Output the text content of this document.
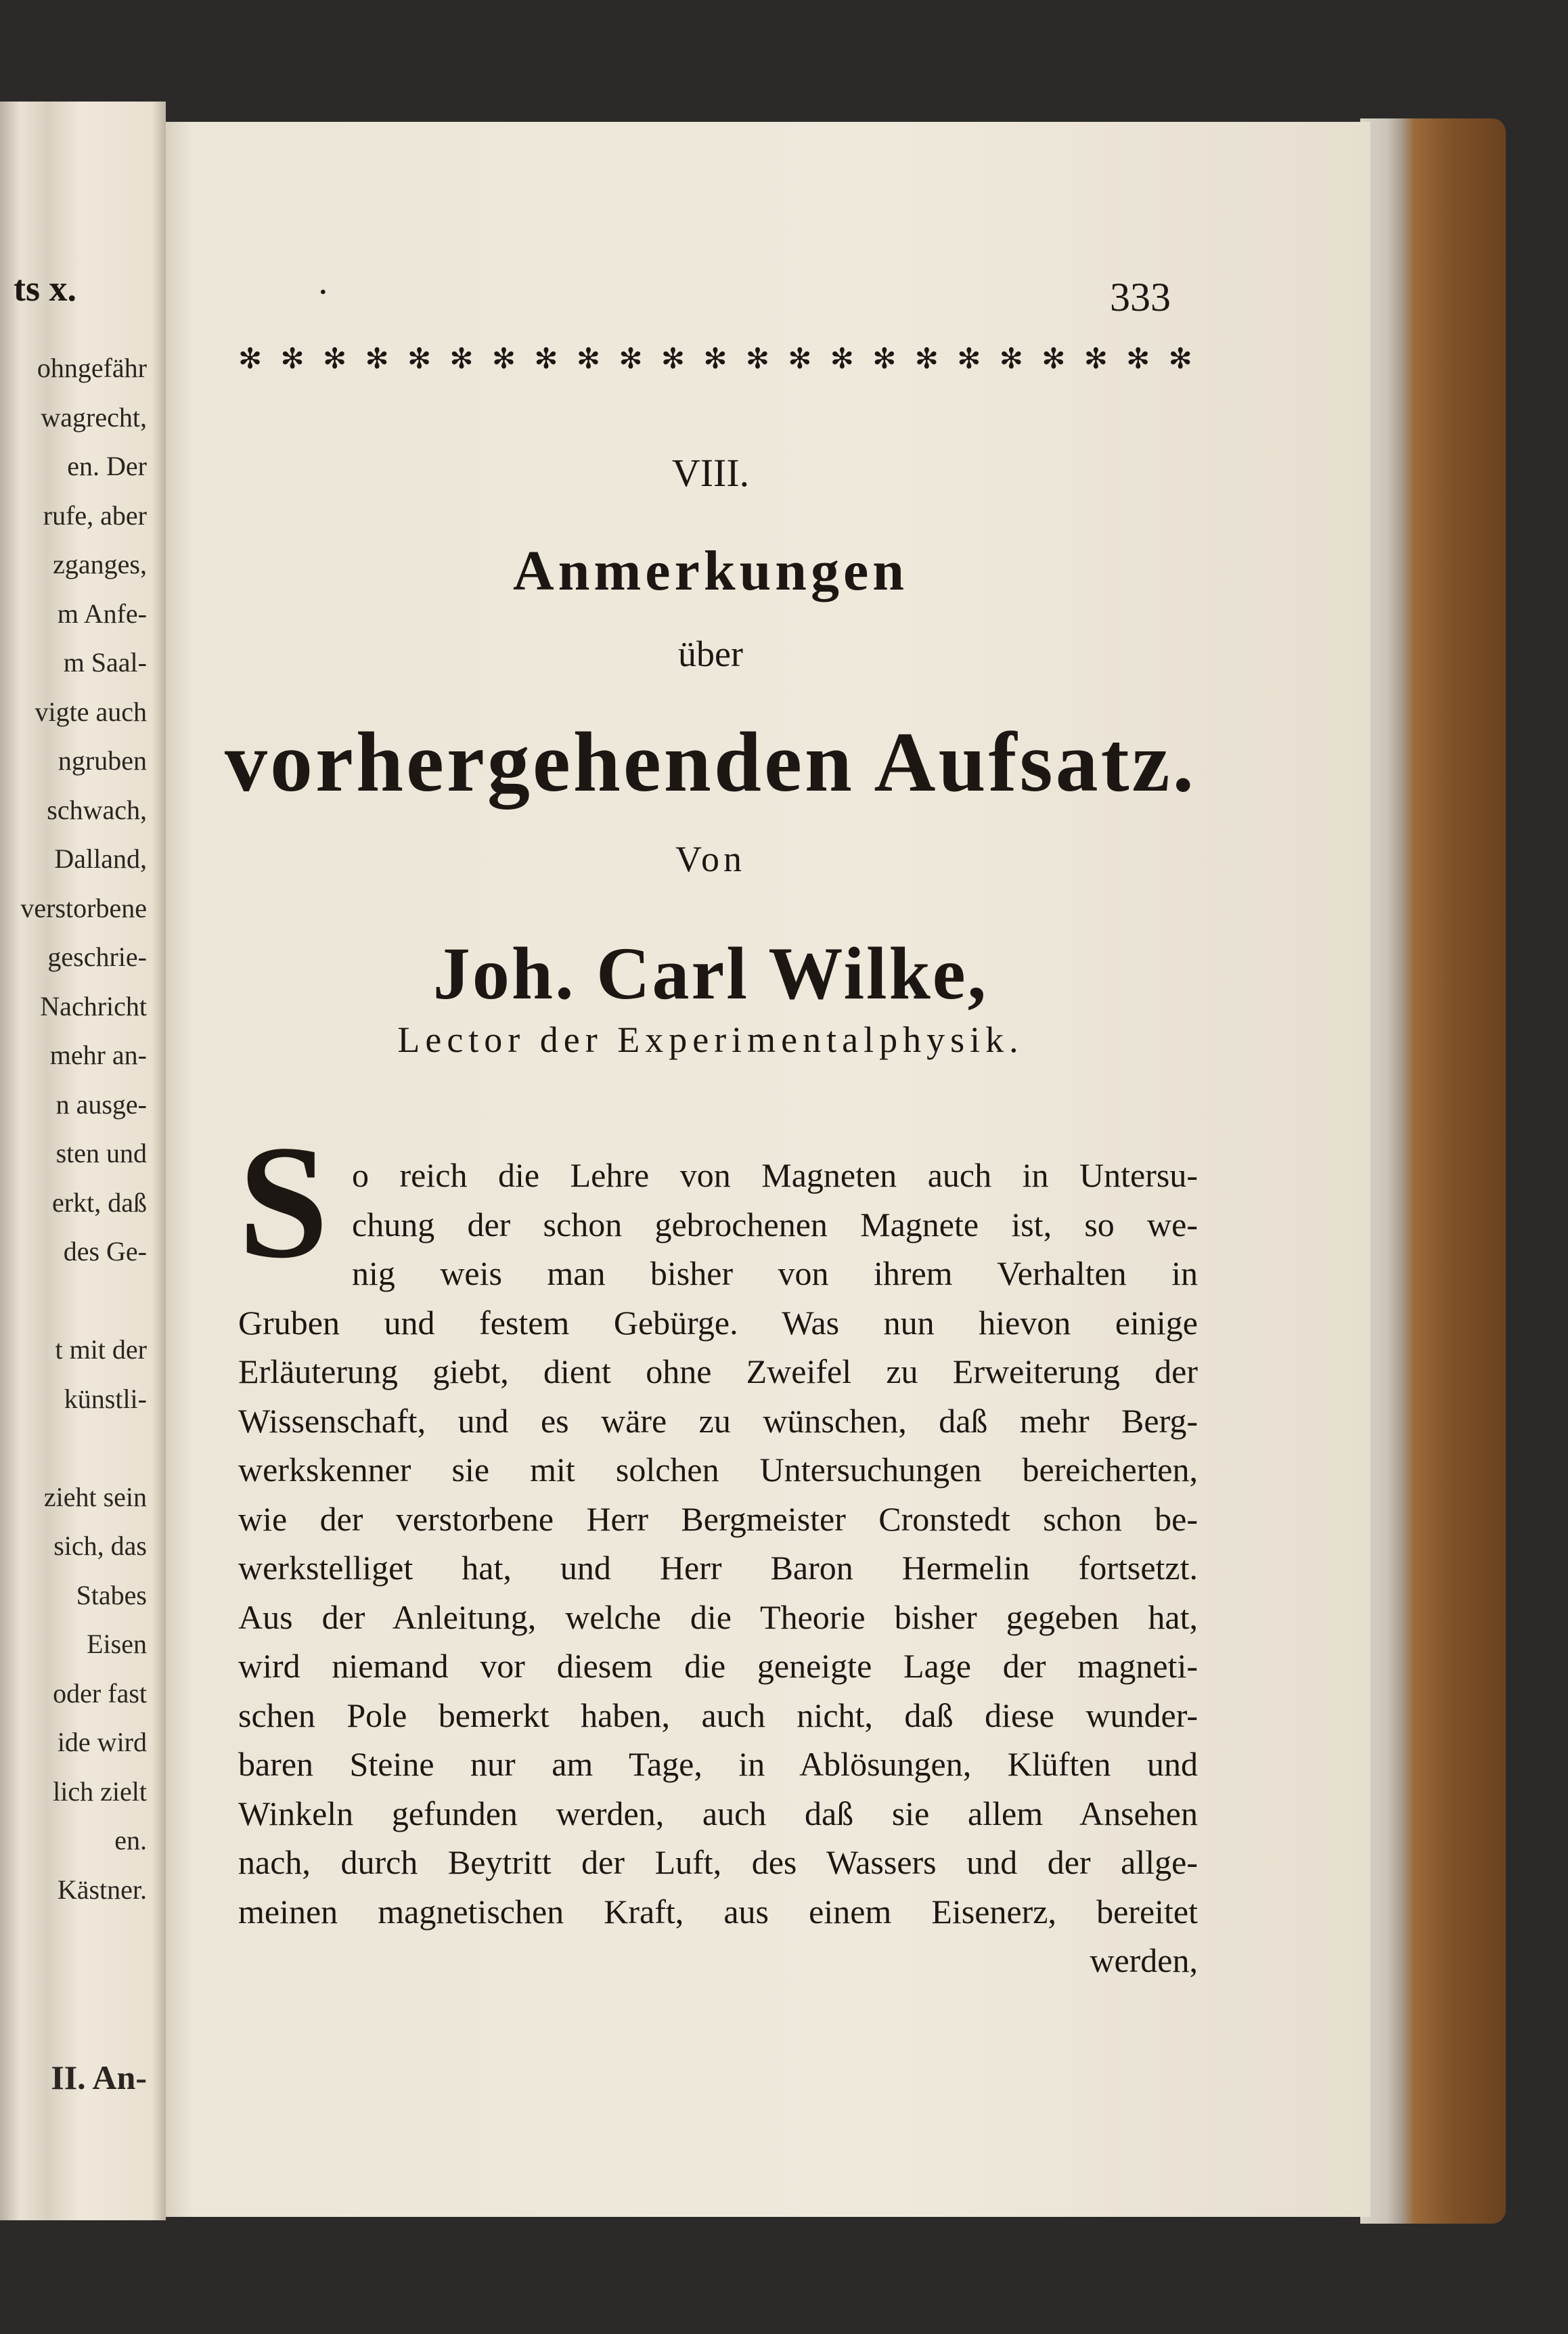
ts x.
ohngefähr
wagrecht,
en. Der
rufe, aber
zganges,
m Anfe-
m Saal-
vigte auch
ngruben
schwach,
Dalland,
verstorbene
geschrie-
Nachricht
mehr an-
n ausge-
sten und
erkt, daß
des Ge-
t mit der
künstli-
zieht sein
sich, das
Stabes
Eisen
oder fast
ide wird
lich zielt
en.
Kästner.
II. An-
·	333
✻ ✻ ✻ ✻ ✻ ✻ ✻ ✻ ✻ ✻ ✻ ✻ ✻ ✻ ✻ ✻ ✻ ✻ ✻ ✻ ✻ ✻ ✻
VIII.
Anmerkungen
über
vorhergehenden Aufsatz.
Von
Joh. Carl Wilke,
Lector der Experimentalphysik.
S o reich die Lehre von Magneten auch in Untersu-
chung der schon gebrochenen Magnete ist, so we-
nig weis man bisher von ihrem Verhalten in
Gruben und festem Gebürge. Was nun hievon einige
Erläuterung giebt, dient ohne Zweifel zu Erweiterung der
Wissenschaft, und es wäre zu wünschen, daß mehr Berg-
werkskenner sie mit solchen Untersuchungen bereicherten,
wie der verstorbene Herr Bergmeister Cronstedt schon be-
werkstelliget hat, und Herr Baron Hermelin fortsetzt.
Aus der Anleitung, welche die Theorie bisher gegeben hat,
wird niemand vor diesem die geneigte Lage der magneti-
schen Pole bemerkt haben, auch nicht, daß diese wunder-
baren Steine nur am Tage, in Ablösungen, Klüften und
Winkeln gefunden werden, auch daß sie allem Ansehen
nach, durch Beytritt der Luft, des Wassers und der allge-
meinen magnetischen Kraft, aus einem Eisenerz, bereitet
werden,
